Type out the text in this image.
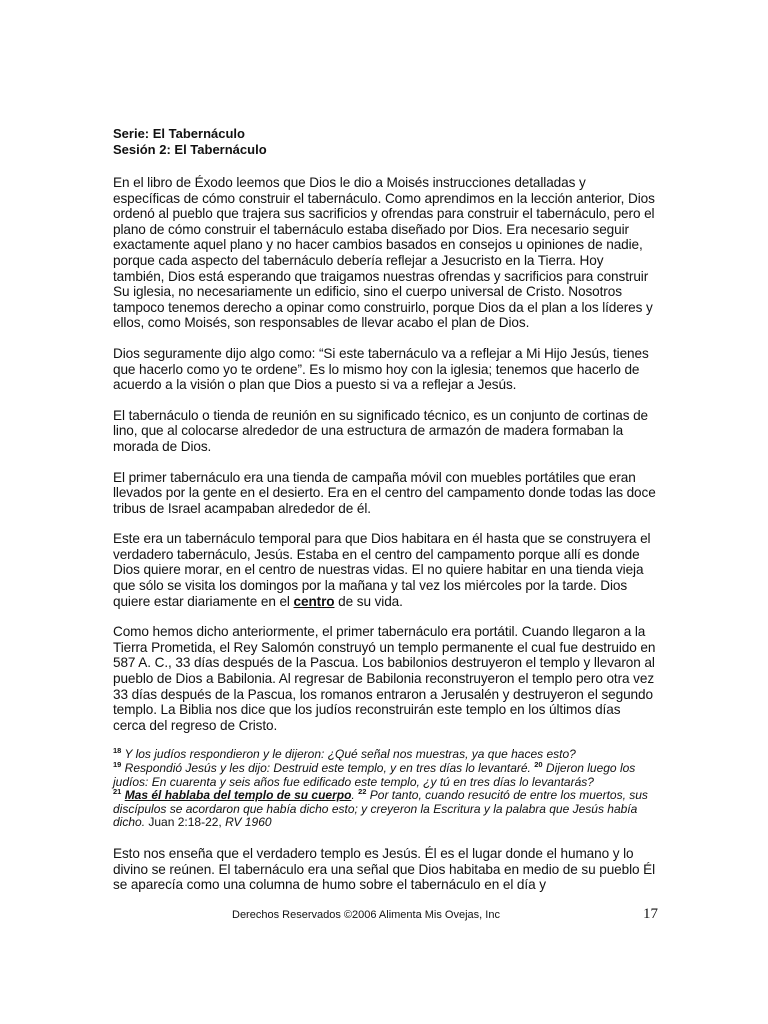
Serie: El Tabernáculo

Sesión 2: El Tabernáculo

En el libro de Éxodo leemos que Dios le dio a Moisés instrucciones detalladas y específicas de cómo construir el tabernáculo. Como aprendimos en la lección anterior, Dios ordenó al pueblo que trajera sus sacrificios y ofrendas para construir el tabernáculo, pero el plano de cómo construir el tabernáculo estaba diseñado por Dios. Era necesario seguir exactamente aquel plano y no hacer cambios basados en consejos u opiniones de nadie, porque cada aspecto del tabernáculo debería reflejar a Jesucristo en la Tierra. Hoy también, Dios está esperando que traigamos nuestras ofrendas y sacrificios para construir Su iglesia, no necesariamente un edificio, sino el cuerpo universal de Cristo. Nosotros tampoco tenemos derecho a opinar como construirlo, porque Dios da el plan a los líderes y ellos, como Moisés, son responsables de llevar acabo el plan de Dios.

Dios seguramente dijo algo como: “Si este tabernáculo va a reflejar a Mi Hijo Jesús, tienes que hacerlo como yo te ordene”. Es lo mismo hoy con la iglesia; tenemos que hacerlo de acuerdo a la visión o plan que Dios a puesto si va a reflejar a Jesús.

El tabernáculo o tienda de reunión en su significado técnico, es un conjunto de cortinas de lino, que al colocarse alrededor de una estructura de armazón de madera formaban la morada de Dios.

El primer tabernáculo era una tienda de campaña móvil con muebles portátiles que eran llevados por la gente en el desierto. Era en el centro del campamento donde todas las doce tribus de Israel acampaban alrededor de él.

Este era un tabernáculo temporal para que Dios habitara en él hasta que se construyera el verdadero tabernáculo, Jesús. Estaba en el centro del campamento porque allí es donde Dios quiere morar, en el centro de nuestras vidas. El no quiere habitar en una tienda vieja que sólo se visita los domingos por la mañana y tal vez los miércoles por la tarde. Dios quiere estar diariamente en el centro de su vida.

Como hemos dicho anteriormente, el primer tabernáculo era portátil. Cuando llegaron a la Tierra Prometida, el Rey Salomón construyó un templo permanente el cual fue destruido en 587 A. C., 33 días después de la Pascua. Los babilonios destruyeron el templo y llevaron al pueblo de Dios a Babilonia. Al regresar de Babilonia reconstruyeron el templo pero otra vez 33 días después de la Pascua, los romanos entraron a Jerusalén y destruyeron el segundo templo. La Biblia nos dice que los judíos reconstruirán este templo en los últimos días cerca del regreso de Cristo.

$^{18}$ Y los judíos respondieron y le dijeron: ¿Qué señal nos muestras, ya que haces esto?

$^{19}$ Respondió Jesús y les dijo: Destruid este templo, y en tres días lo levantaré. $^{20}$ Dijeron luego los judíos: En cuarenta y seis años fue edificado este templo, ¿y tú en tres días lo levantarás?

$^{21}$ Mas él hablaba del templo de su cuerpo. $^{22}$ Por tanto, cuando resucitó de entre los muertos, sus discípulos se acordaron que había dicho esto; y creyeron la Escritura y la palabra que Jesús había dicho. Juan 2:18-22, RV 1960

Esto nos enseña que el verdadero templo es Jesús. Él es el lugar donde el humano y lo divino se reúnen. El tabernáculo era una señal que Dios habitaba en medio de su pueblo Él se aparecía como una columna de humo sobre el tabernáculo en el día y

Derechos Reservados ©2006 Alimenta Mis Ovejas, Inc	17
